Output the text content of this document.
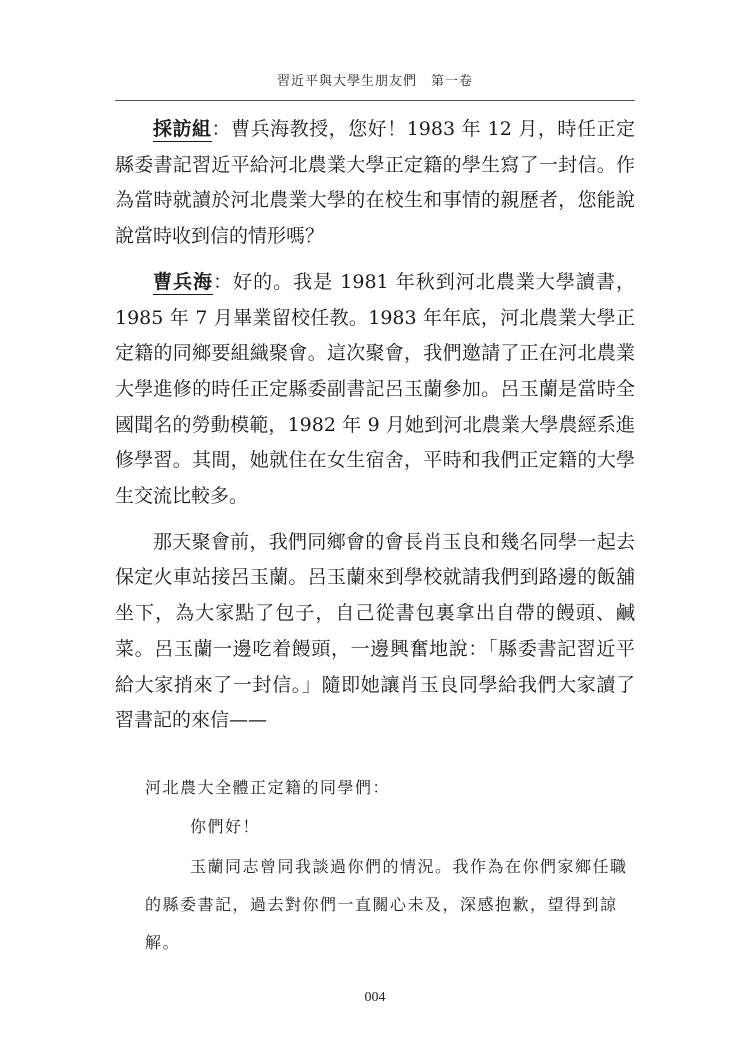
習近平與大學生朋友們　第一卷

採訪組：曹兵海教授，您好！1983 年 12 月，時任正定縣委書記習近平給河北農業大學正定籍的學生寫了一封信。作為當時就讀於河北農業大學的在校生和事情的親歷者，您能說說當時收到信的情形嗎？

曹兵海：好的。我是 1981 年秋到河北農業大學讀書，1985 年 7 月畢業留校任教。1983 年年底，河北農業大學正定籍的同鄉要組織聚會。這次聚會，我們邀請了正在河北農業大學進修的時任正定縣委副書記呂玉蘭參加。呂玉蘭是當時全國聞名的勞動模範，1982 年 9 月她到河北農業大學農經系進修學習。其間，她就住在女生宿舍，平時和我們正定籍的大學生交流比較多。

那天聚會前，我們同鄉會的會長肖玉良和幾名同學一起去保定火車站接呂玉蘭。呂玉蘭來到學校就請我們到路邊的飯舖坐下，為大家點了包子，自己從書包裏拿出自帶的饅頭、鹹菜。呂玉蘭一邊吃着饅頭，一邊興奮地說：「縣委書記習近平給大家捎來了一封信。」隨即她讓肖玉良同學給我們大家讀了習書記的來信——

河北農大全體正定籍的同學們：

你們好！

玉蘭同志曾同我談過你們的情況。我作為在你們家鄉任職的縣委書記，過去對你們一直關心未及，深感抱歉，望得到諒解。

004
